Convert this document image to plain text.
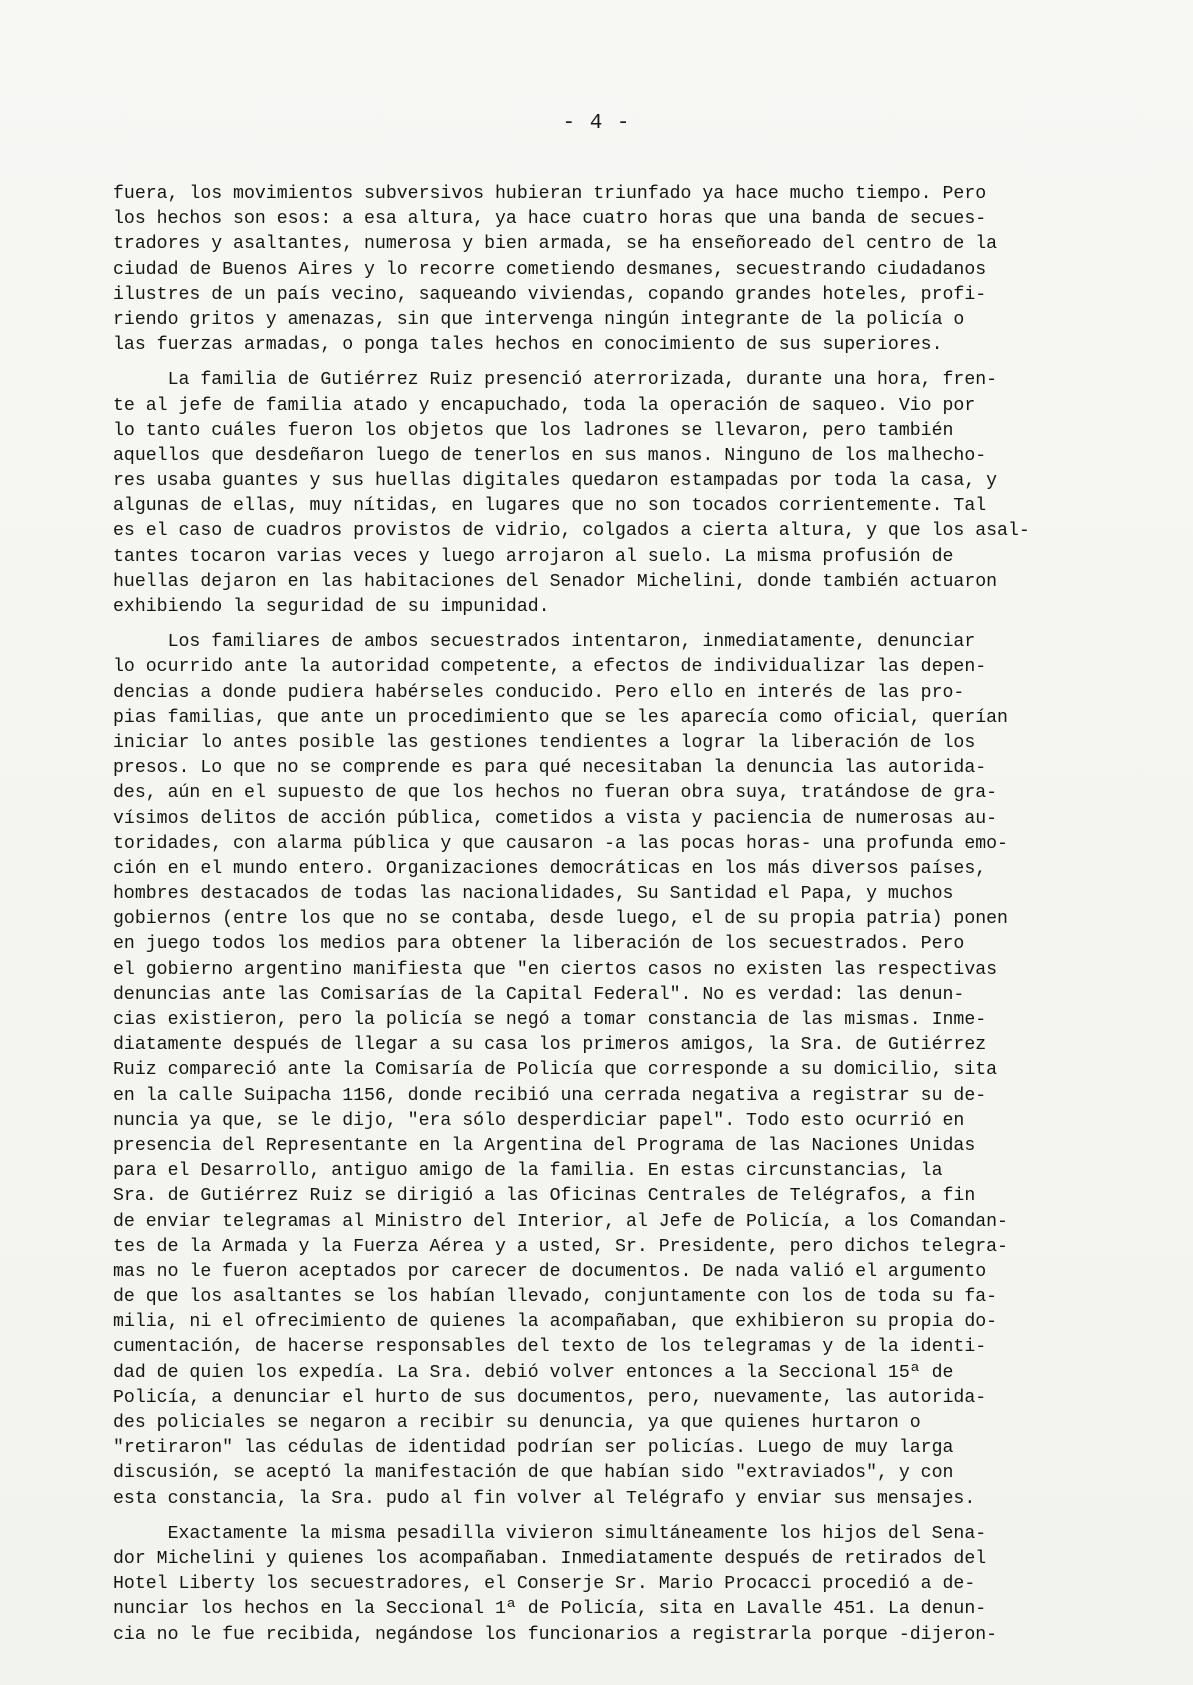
- 4 -
fuera, los movimientos subversivos hubieran triunfado ya hace mucho tiempo. Pero
los hechos son esos: a esa altura, ya hace cuatro horas que una banda de secues-
tradores y asaltantes, numerosa y bien armada, se ha enseñoreado del centro de la
ciudad de Buenos Aires y lo recorre cometiendo desmanes, secuestrando ciudadanos
ilustres de un país vecino, saqueando viviendas, copando grandes hoteles, profi-
riendo gritos y amenazas, sin que intervenga ningún integrante de la policía o
las fuerzas armadas, o ponga tales hechos en conocimiento de sus superiores.
La familia de Gutiérrez Ruiz presenció aterrorizada, durante una hora, fren-
te al jefe de familia atado y encapuchado, toda la operación de saqueo. Vio por
lo tanto cuáles fueron los objetos que los ladrones se llevaron, pero también
aquellos que desdeñaron luego de tenerlos en sus manos. Ninguno de los malhecho-
res usaba guantes y sus huellas digitales quedaron estampadas por toda la casa, y
algunas de ellas, muy nítidas, en lugares que no son tocados corrientemente. Tal
es el caso de cuadros provistos de vidrio, colgados a cierta altura, y que los asal-
tantes tocaron varias veces y luego arrojaron al suelo. La misma profusión de
huellas dejaron en las habitaciones del Senador Michelini, donde también actuaron
exhibiendo la seguridad de su impunidad.
Los familiares de ambos secuestrados intentaron, inmediatamente, denunciar
lo ocurrido ante la autoridad competente, a efectos de individualizar las depen-
dencias a donde pudiera habérseles conducido. Pero ello en interés de las pro-
pias familias, que ante un procedimiento que se les aparecía como oficial, querían
iniciar lo antes posible las gestiones tendientes a lograr la liberación de los
presos. Lo que no se comprende es para qué necesitaban la denuncia las autorida-
des, aún en el supuesto de que los hechos no fueran obra suya, tratándose de gra-
vísimos delitos de acción pública, cometidos a vista y paciencia de numerosas au-
toridades, con alarma pública y que causaron -a las pocas horas- una profunda emo-
ción en el mundo entero. Organizaciones democráticas en los más diversos países,
hombres destacados de todas las nacionalidades, Su Santidad el Papa, y muchos
gobiernos (entre los que no se contaba, desde luego, el de su propia patria) ponen
en juego todos los medios para obtener la liberación de los secuestrados. Pero
el gobierno argentino manifiesta que "en ciertos casos no existen las respectivas
denuncias ante las Comisarías de la Capital Federal". No es verdad: las denun-
cias existieron, pero la policía se negó a tomar constancia de las mismas. Inme-
diatamente después de llegar a su casa los primeros amigos, la Sra. de Gutiérrez
Ruiz compareció ante la Comisaría de Policía que corresponde a su domicilio, sita
en la calle Suipacha 1156, donde recibió una cerrada negativa a registrar su de-
nuncia ya que, se le dijo, "era sólo desperdiciar papel". Todo esto ocurrió en
presencia del Representante en la Argentina del Programa de las Naciones Unidas
para el Desarrollo, antiguo amigo de la familia. En estas circunstancias, la
Sra. de Gutiérrez Ruiz se dirigió a las Oficinas Centrales de Telégrafos, a fin
de enviar telegramas al Ministro del Interior, al Jefe de Policía, a los Comandan-
tes de la Armada y la Fuerza Aérea y a usted, Sr. Presidente, pero dichos telegra-
mas no le fueron aceptados por carecer de documentos. De nada valió el argumento
de que los asaltantes se los habían llevado, conjuntamente con los de toda su fa-
milia, ni el ofrecimiento de quienes la acompañaban, que exhibieron su propia do-
cumentación, de hacerse responsables del texto de los telegramas y de la identi-
dad de quien los expedía. La Sra. debió volver entonces a la Seccional 15ª de
Policía, a denunciar el hurto de sus documentos, pero, nuevamente, las autorida-
des policiales se negaron a recibir su denuncia, ya que quienes hurtaron o
"retiraron" las cédulas de identidad podrían ser policías. Luego de muy larga
discusión, se aceptó la manifestación de que habían sido "extraviados", y con
esta constancia, la Sra. pudo al fin volver al Telégrafo y enviar sus mensajes.
Exactamente la misma pesadilla vivieron simultáneamente los hijos del Sena-
dor Michelini y quienes los acompañaban. Inmediatamente después de retirados del
Hotel Liberty los secuestradores, el Conserje Sr. Mario Procacci procedió a de-
nunciar los hechos en la Seccional 1ª de Policía, sita en Lavalle 451. La denun-
cia no le fue recibida, negándose los funcionarios a registrarla porque -dijeron-
